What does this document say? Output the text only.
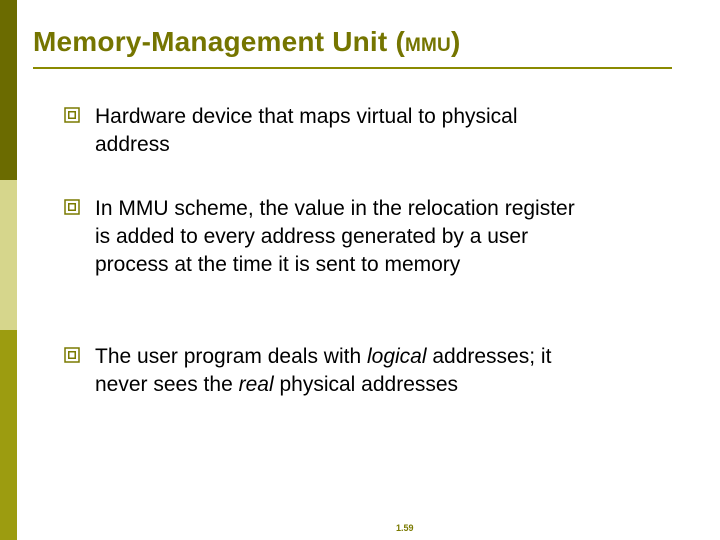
Memory-Management Unit (MMU)
Hardware device that maps virtual to physical address
In MMU scheme, the value in the relocation register is added to every address generated by a user process at the time it is sent to memory
The user program deals with logical addresses; it never sees the real physical addresses
1.59
